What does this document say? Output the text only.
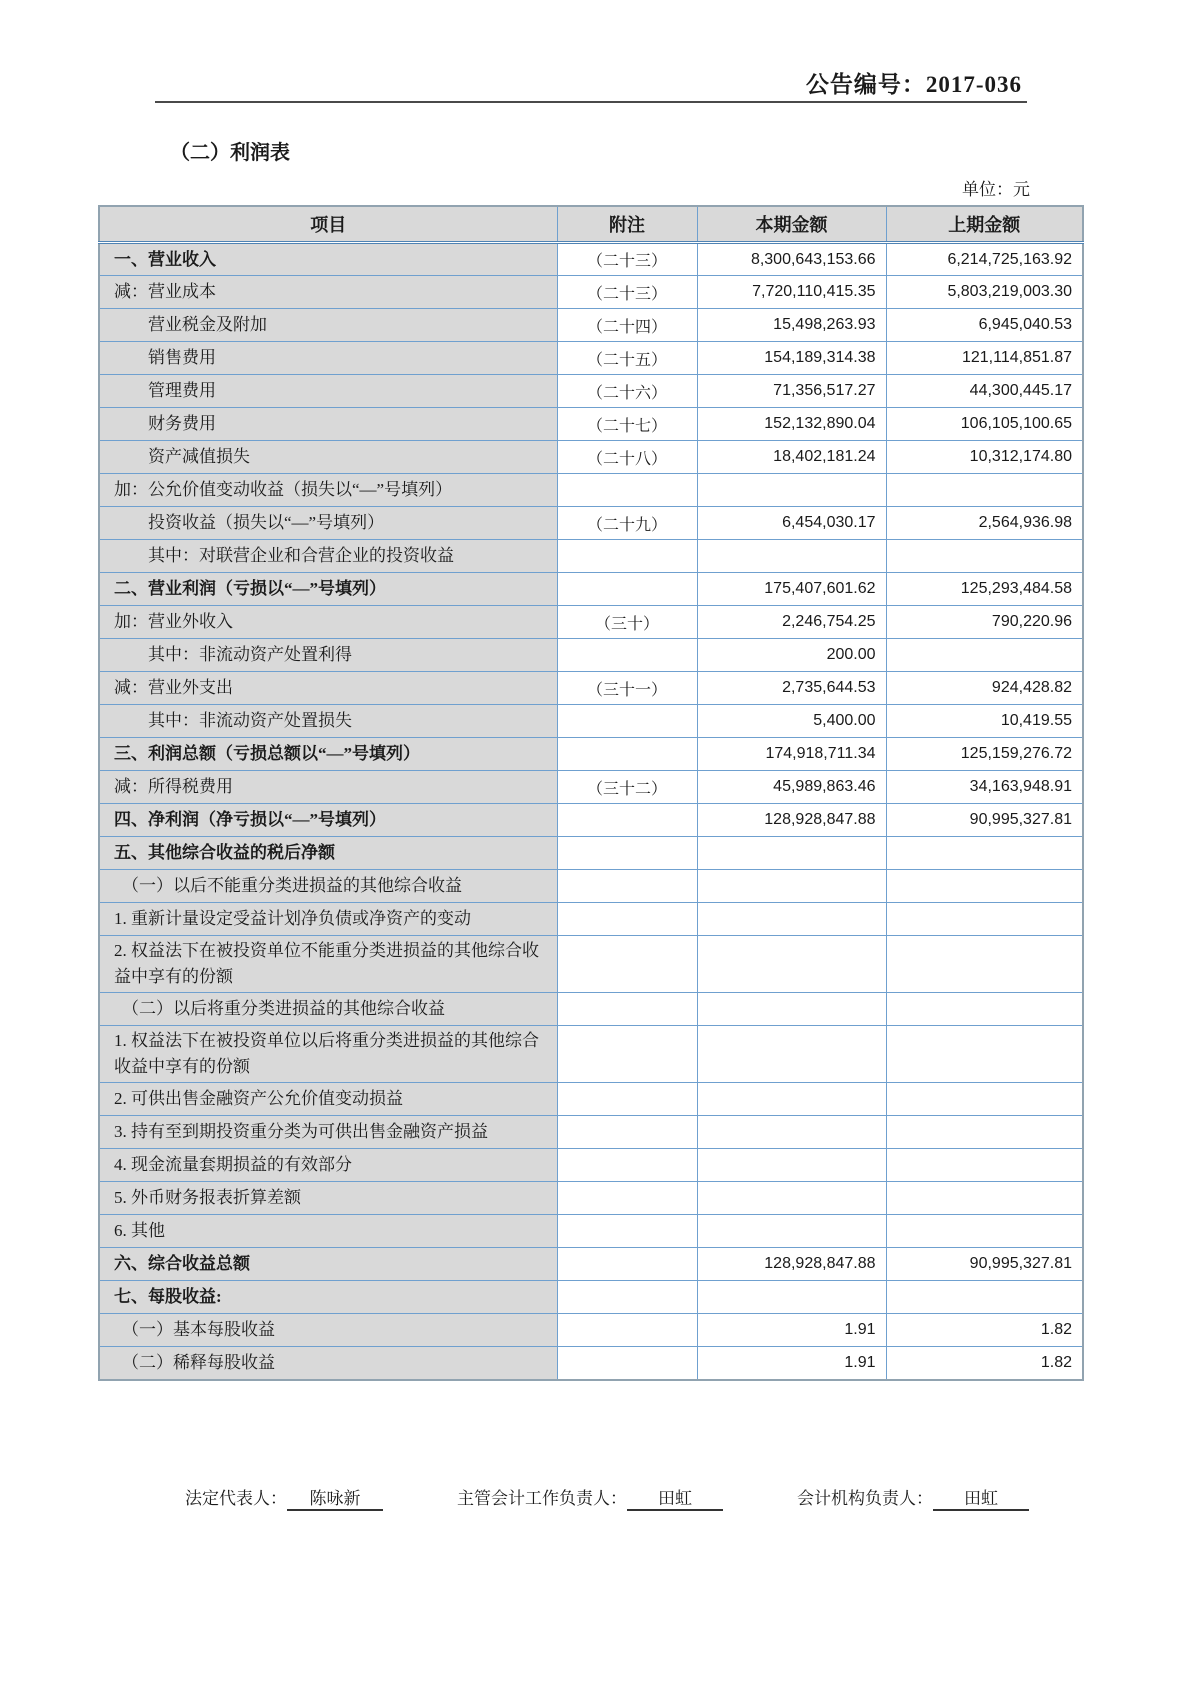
公告编号：2017-036
（二）利润表
单位：元
项目	附注	本期金额	上期金额
一、营业收入	（二十三）	8,300,643,153.66	6,214,725,163.92
减：营业成本	（二十三）	7,720,110,415.35	5,803,219,003.30
营业税金及附加	（二十四）	15,498,263.93	6,945,040.53
销售费用	（二十五）	154,189,314.38	121,114,851.87
管理费用	（二十六）	71,356,517.27	44,300,445.17
财务费用	（二十七）	152,132,890.04	106,105,100.65
资产减值损失	（二十八）	18,402,181.24	10,312,174.80
加：公允价值变动收益（损失以“—”号填列）			
投资收益（损失以“—”号填列）	（二十九）	6,454,030.17	2,564,936.98
其中：对联营企业和合营企业的投资收益			
二、营业利润（亏损以“—”号填列）		175,407,601.62	125,293,484.58
加：营业外收入	（三十）	2,246,754.25	790,220.96
其中：非流动资产处置利得		200.00	
减：营业外支出	（三十一）	2,735,644.53	924,428.82
其中：非流动资产处置损失		5,400.00	10,419.55
三、利润总额（亏损总额以“—”号填列）		174,918,711.34	125,159,276.72
减：所得税费用	（三十二）	45,989,863.46	34,163,948.91
四、净利润（净亏损以“—”号填列）		128,928,847.88	90,995,327.81
五、其他综合收益的税后净额			
（一）以后不能重分类进损益的其他综合收益			
1. 重新计量设定受益计划净负债或净资产的变动			
2. 权益法下在被投资单位不能重分类进损益的其他综合收益中享有的份额			
（二）以后将重分类进损益的其他综合收益			
1. 权益法下在被投资单位以后将重分类进损益的其他综合收益中享有的份额			
2. 可供出售金融资产公允价值变动损益			
3. 持有至到期投资重分类为可供出售金融资产损益			
4. 现金流量套期损益的有效部分			
5. 外币财务报表折算差额			
6. 其他			
六、综合收益总额		128,928,847.88	90,995,327.81
七、每股收益:			
（一）基本每股收益		1.91	1.82
（二）稀释每股收益		1.91	1.82
法定代表人： 陈咏新	主管会计工作负责人： 田虹	会计机构负责人： 田虹
